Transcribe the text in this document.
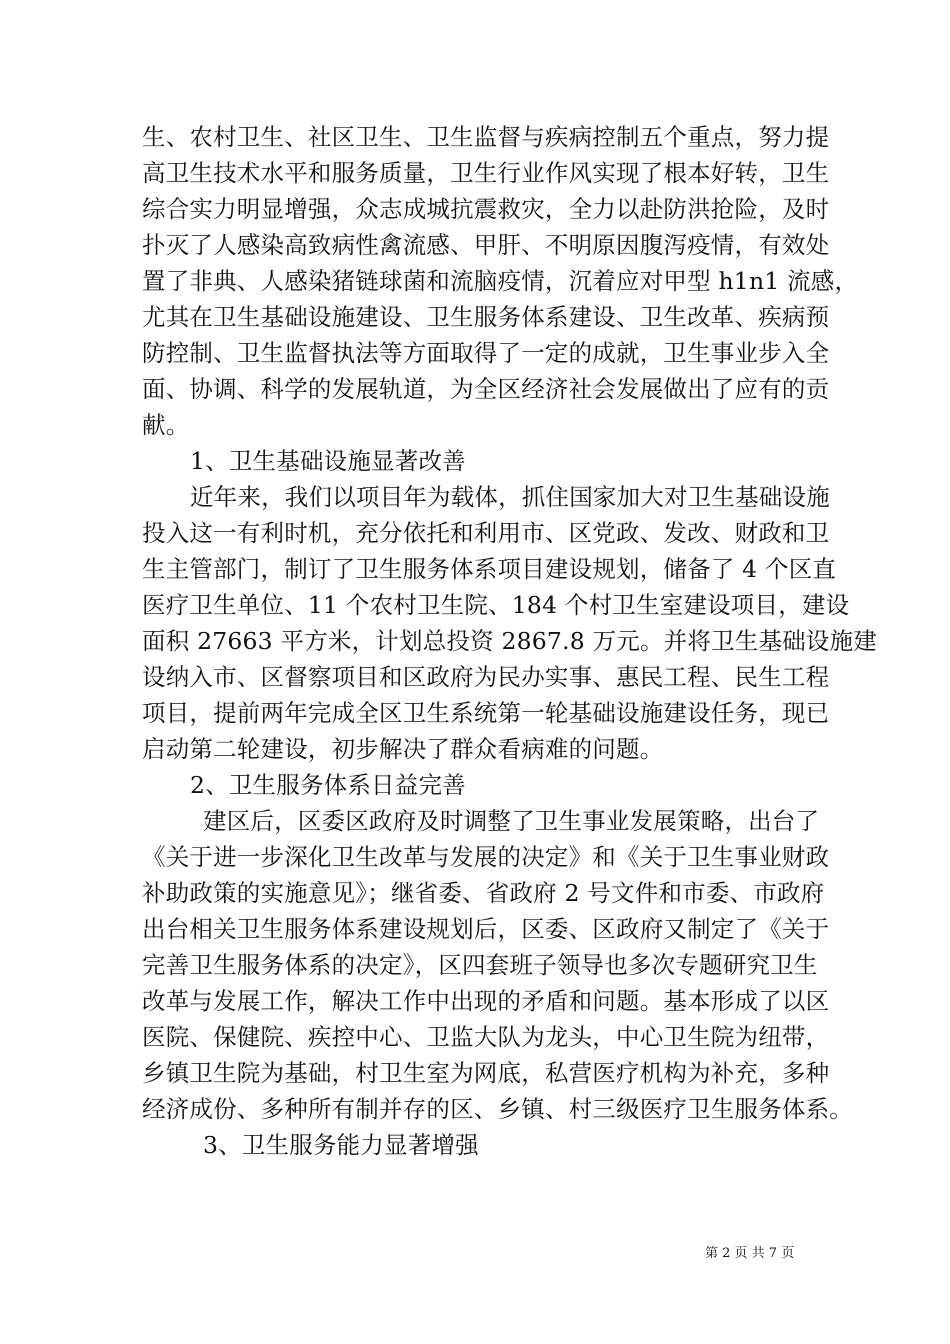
生、农村卫生、社区卫生、卫生监督与疾病控制五个重点，努力提
高卫生技术水平和服务质量，卫生行业作风实现了根本好转，卫生
综合实力明显增强，众志成城抗震救灾，全力以赴防洪抢险，及时
扑灭了人感染高致病性禽流感、甲肝、不明原因腹泻疫情，有效处
置了非典、人感染猪链球菌和流脑疫情，沉着应对甲型 h1n1 流感，
尤其在卫生基础设施建设、卫生服务体系建设、卫生改革、疾病预
防控制、卫生监督执法等方面取得了一定的成就，卫生事业步入全
面、协调、科学的发展轨道，为全区经济社会发展做出了应有的贡
献。
1、卫生基础设施显著改善
近年来，我们以项目年为载体，抓住国家加大对卫生基础设施
投入这一有利时机，充分依托和利用市、区党政、发改、财政和卫
生主管部门，制订了卫生服务体系项目建设规划，储备了 4 个区直
医疗卫生单位、11 个农村卫生院、184 个村卫生室建设项目，建设
面积 27663 平方米，计划总投资 2867.8 万元。并将卫生基础设施建
设纳入市、区督察项目和区政府为民办实事、惠民工程、民生工程
项目，提前两年完成全区卫生系统第一轮基础设施建设任务，现已
启动第二轮建设，初步解决了群众看病难的问题。
2、卫生服务体系日益完善
建区后，区委区政府及时调整了卫生事业发展策略，出台了
《关于进一步深化卫生改革与发展的决定》和《关于卫生事业财政
补助政策的实施意见》；继省委、省政府 2 号文件和市委、市政府
出台相关卫生服务体系建设规划后，区委、区政府又制定了《关于
完善卫生服务体系的决定》，区四套班子领导也多次专题研究卫生
改革与发展工作，解决工作中出现的矛盾和问题。基本形成了以区
医院、保健院、疾控中心、卫监大队为龙头，中心卫生院为纽带，
乡镇卫生院为基础，村卫生室为网底，私营医疗机构为补充，多种
经济成份、多种所有制并存的区、乡镇、村三级医疗卫生服务体系。
3、卫生服务能力显著增强
第 2 页 共 7 页
